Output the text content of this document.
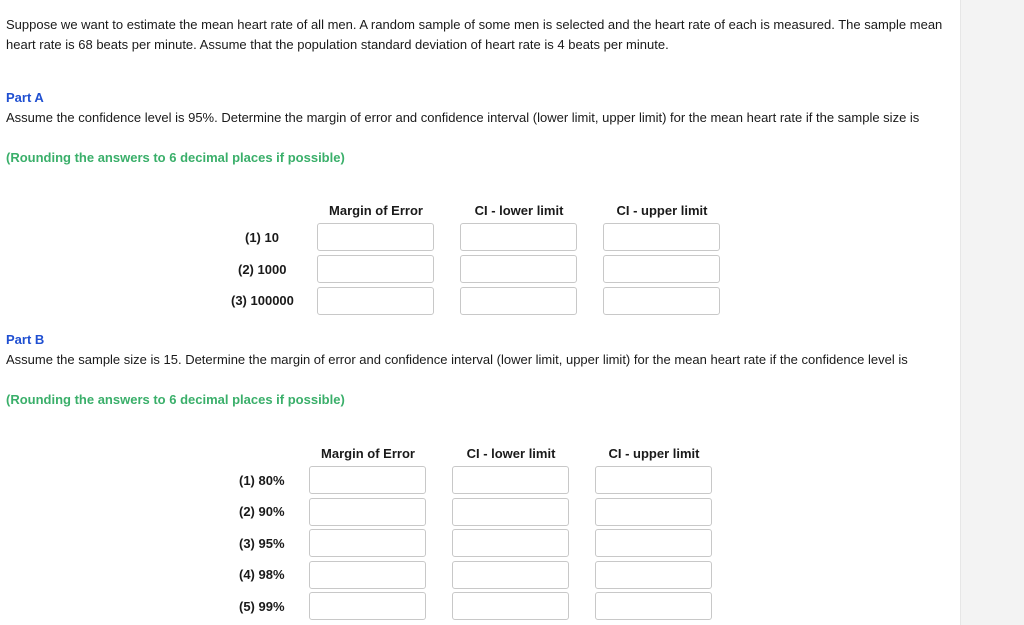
Suppose we want to estimate the mean heart rate of all men. A random sample of some men is selected and the heart rate of each is measured. The sample mean heart rate is 68 beats per minute. Assume that the population standard deviation of heart rate is 4 beats per minute.
Part A
Assume the confidence level is 95%. Determine the margin of error and confidence interval (lower limit, upper limit) for the mean heart rate if the sample size is
(Rounding the answers to 6 decimal places if possible)
Margin of Error	CI - lower limit	CI - upper limit
(1) 10
(2) 1000
(3) 100000
Part B
Assume the sample size is 15. Determine the margin of error and confidence interval (lower limit, upper limit) for the mean heart rate if the confidence level is
(Rounding the answers to 6 decimal places if possible)
Margin of Error	CI - lower limit	CI - upper limit
(1) 80%
(2) 90%
(3) 95%
(4) 98%
(5) 99%
